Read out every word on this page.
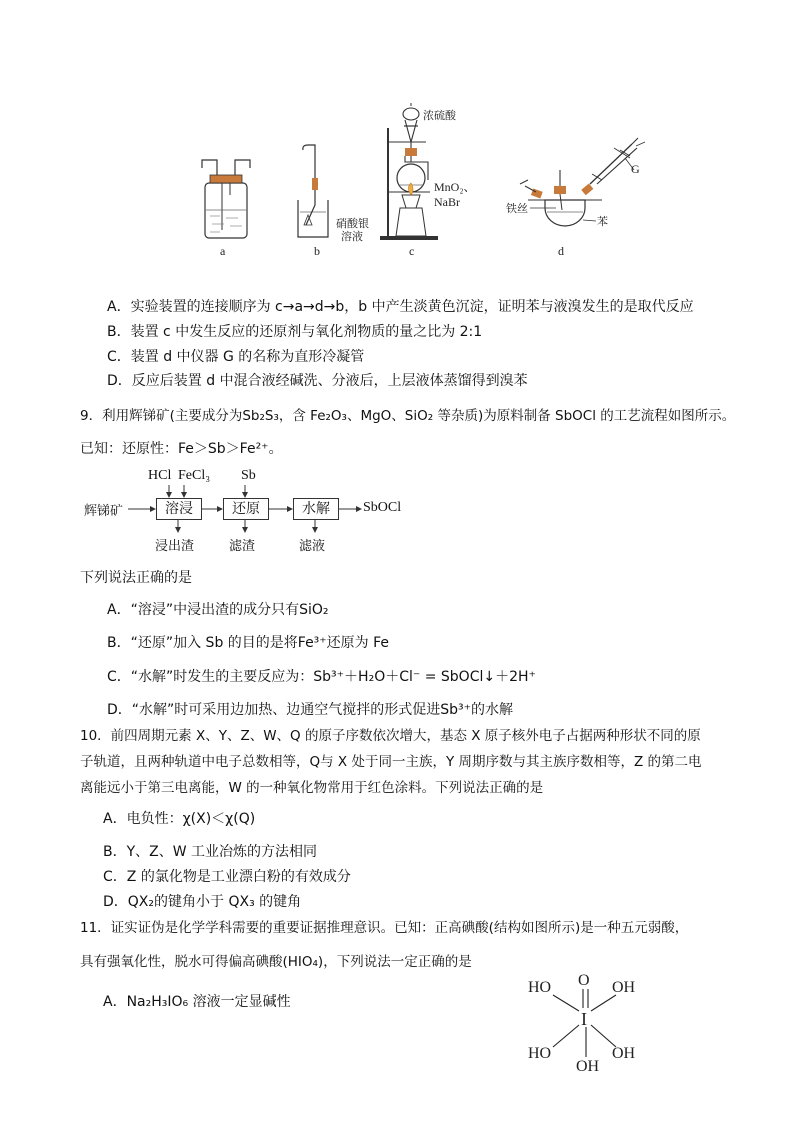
a	b
硝酸银
溶液
浓硫酸
MnO₂、
NaBr
c
G
铁丝
苯
d
A．实验装置的连接顺序为 c→a→d→b，b 中产生淡黄色沉淀，证明苯与液溴发生的是取代反应
B．装置 c 中发生反应的还原剂与氧化剂物质的量之比为 2:1
C．装置 d 中仪器 G 的名称为直形冷凝管
D．反应后装置 d 中混合液经碱洗、分液后，上层液体蒸馏得到溴苯
9．利用辉锑矿(主要成分为Sb₂S₃，含 Fe₂O₃、MgO、SiO₂ 等杂质)为原料制备 SbOCl 的工艺流程如图所示。
已知：还原性：Fe＞Sb＞Fe²⁺。
HCl FeCl₃ Sb
辉锑矿	溶浸	还原	水解	SbOCl
浸出渣	滤渣	滤液
下列说法正确的是
A．“溶浸”中浸出渣的成分只有SiO₂
B．“还原”加入 Sb 的目的是将Fe³⁺还原为 Fe
C．“水解”时发生的主要反应为：Sb³⁺＋H₂O＋Cl⁻ = SbOCl↓＋2H⁺
D．“水解”时可采用边加热、边通空气搅拌的形式促进Sb³⁺的水解
10．前四周期元素 X、Y、Z、W、Q 的原子序数依次增大，基态 X 原子核外电子占据两种形状不同的原
子轨道，且两种轨道中电子总数相等，Q与 X 处于同一主族，Y 周期序数与其主族序数相等，Z 的第二电
离能远小于第三电离能，W 的一种氧化物常用于红色涂料。下列说法正确的是
A．电负性：χ(X)＜χ(Q)
B．Y、Z、W 工业冶炼的方法相同
C．Z 的氯化物是工业漂白粉的有效成分
D．QX₂的键角小于 QX₃ 的键角
11．证实证伪是化学学科需要的重要证据推理意识。已知：正高碘酸(结构如图所示)是一种五元弱酸，
具有强氧化性，脱水可得偏高碘酸(HIO₄)，下列说法一定正确的是
A．Na₂H₃IO₆ 溶液一定显碱性
O
HO	OH
I
HO	OH
OH
